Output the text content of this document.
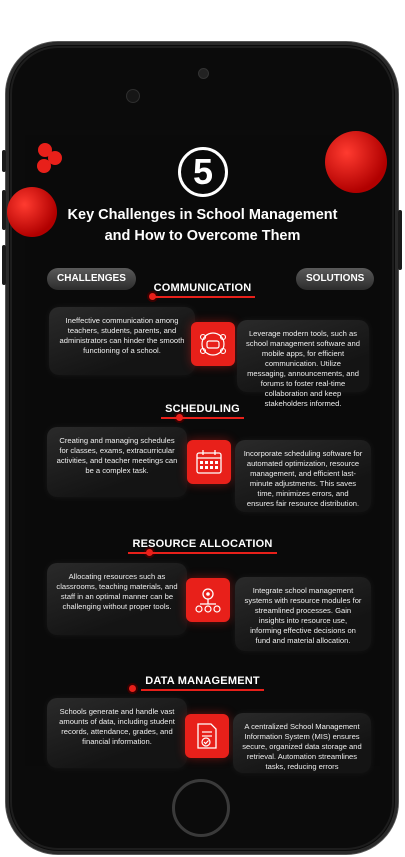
5
Key Challenges in School Management
and How to Overcome Them
CHALLENGES	SOLUTIONS
COMMUNICATION
Ineffective communication among teachers, students, parents, and administrators can hinder the smooth functioning of a school.
Leverage modern tools, such as school management software and mobile apps, for efficient communication. Utilize messaging, announcements, and forums to foster real-time collaboration and keep stakeholders informed.
SCHEDULING
Creating and managing schedules for classes, exams, extracurricular activities, and teacher meetings can be a complex task.
Incorporate scheduling software for automated optimization, resource management, and efficient last-minute adjustments. This saves time, minimizes errors, and ensures fair resource distribution.
RESOURCE ALLOCATION
Allocating resources such as classrooms, teaching materials, and staff in an optimal manner can be challenging without proper tools.
Integrate school management systems with resource modules for streamlined processes. Gain insights into resource use, informing effective decisions on fund and material allocation.
DATA MANAGEMENT
Schools generate and handle vast amounts of data, including student records, attendance, grades, and financial information.
A centralized School Management Information System (MIS) ensures secure, organized data storage and retrieval. Automation streamlines tasks, reducing errors
